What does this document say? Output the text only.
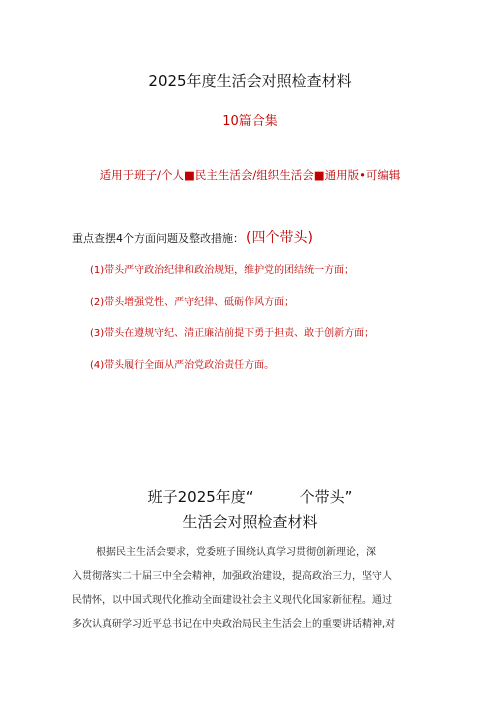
2025年度生活会对照检查材料
10篇合集
适用于班子/个人■民主生活会/组织生活会■通用版•可编辑
重点查摆4个方面问题及整改措施： (四个带头)
(1)带头严守政治纪律和政治规矩，维护党的团结统一方面；
(2)带头增强党性、严守纪律、砥砺作风方面；
(3)带头在遵规守纪、清正廉洁前提下勇于担责、敢于创新方面；
(4)带头履行全面从严治党政治责任方面。
班子2025年度“	个带头”
生活会对照检查材料
根据民主生活会要求，党委班子围绕认真学习贯彻创新理论，深
入贯彻落实二十届三中全会精神，加强政治建设，提高政治三力，坚守人
民情怀，以中国式现代化推动全面建设社会主义现代化国家新征程。通过
多次认真研学习近平总书记在中央政治局民主生活会上的重要讲话精神,对
